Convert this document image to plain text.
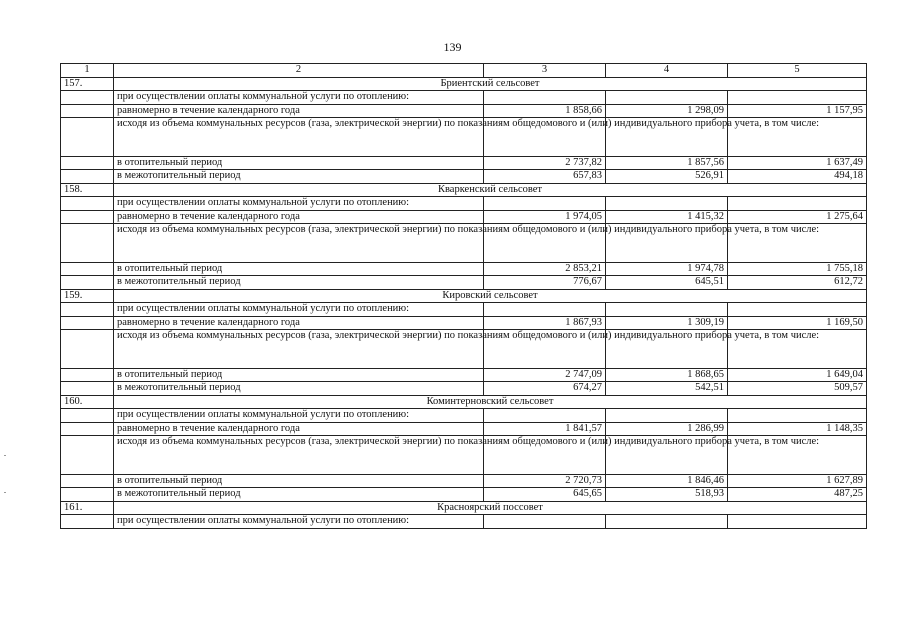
139
1	2	3	4	5
157.	Бриентский сельсовет			
	при осуществлении оплаты коммунальной услуги по отоплению:			
	равномерно в течение календарного года	1 858,66	1 298,09	1 157,95
	исходя из объема коммунальных ресурсов (газа, электрической энергии) по показаниям общедомового и (или) индивидуального прибора учета, в том числе:			
	в отопительный период	2 737,82	1 857,56	1 637,49
	в межотопительный период	657,83	526,91	494,18
158.	Кваркенский сельсовет			
	при осуществлении оплаты коммунальной услуги по отоплению:			
	равномерно в течение календарного года	1 974,05	1 415,32	1 275,64
	исходя из объема коммунальных ресурсов (газа, электрической энергии) по показаниям общедомового и (или) индивидуального прибора учета, в том числе:			
	в отопительный период	2 853,21	1 974,78	1 755,18
	в межотопительный период	776,67	645,51	612,72
159.	Кировский сельсовет			
	при осуществлении оплаты коммунальной услуги по отоплению:			
	равномерно в течение календарного года	1 867,93	1 309,19	1 169,50
	исходя из объема коммунальных ресурсов (газа, электрической энергии) по показаниям общедомового и (или) индивидуального прибора учета, в том числе:			
	в отопительный период	2 747,09	1 868,65	1 649,04
	в межотопительный период	674,27	542,51	509,57
160.	Коминтерновский сельсовет			
	при осуществлении оплаты коммунальной услуги по отоплению:			
	равномерно в течение календарного года	1 841,57	1 286,99	1 148,35
	исходя из объема коммунальных ресурсов (газа, электрической энергии) по показаниям общедомового и (или) индивидуального прибора учета, в том числе:			
	в отопительный период	2 720,73	1 846,46	1 627,89
	в межотопительный период	645,65	518,93	487,25
161.	Красноярский поссовет			
	при осуществлении оплаты коммунальной услуги по отоплению:			
